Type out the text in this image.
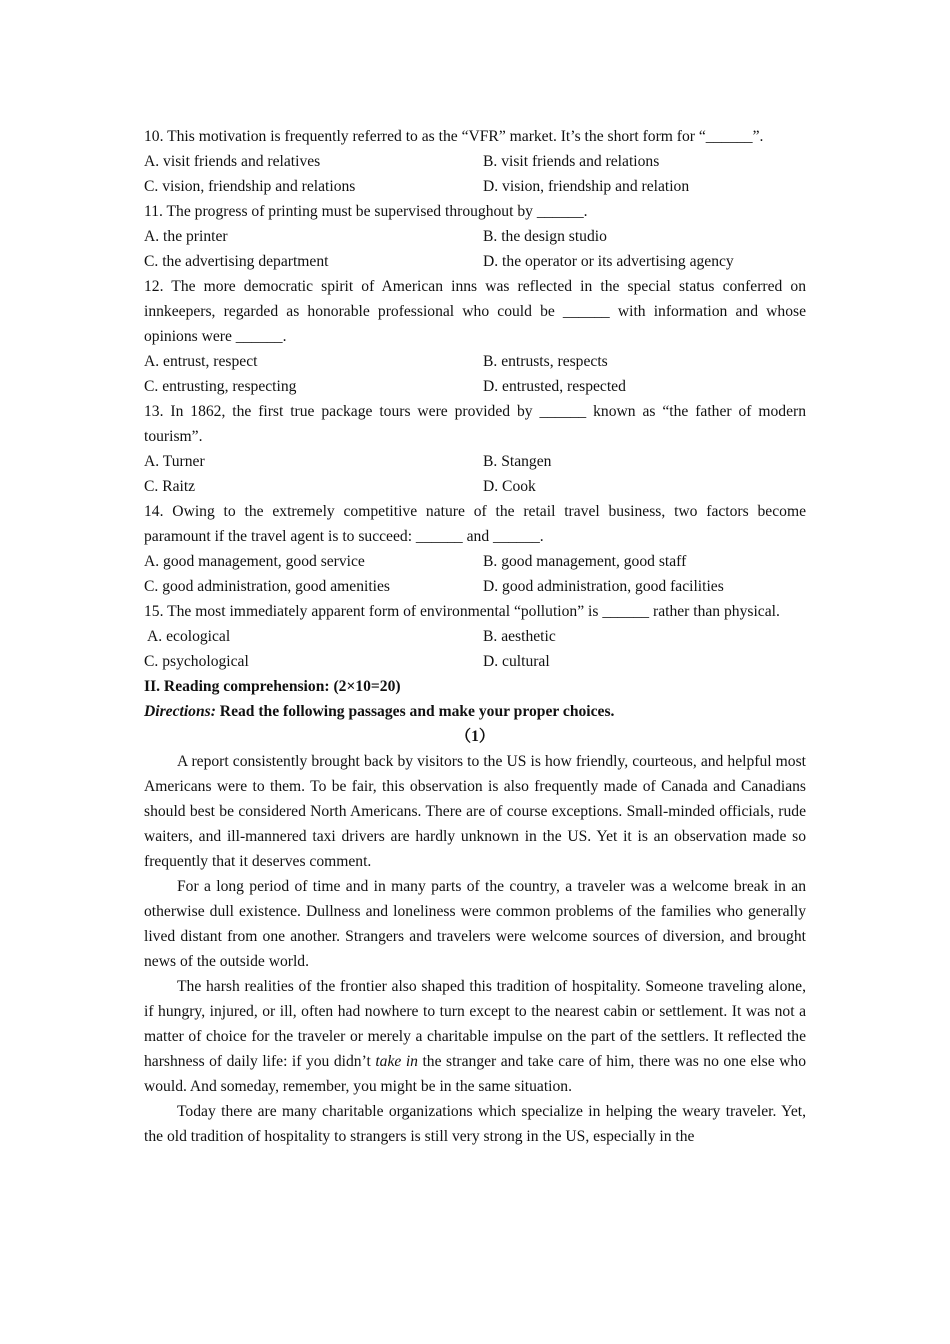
10. This motivation is frequently referred to as the “VFR” market. It’s the short form for “______”.

A. visit friends and relatives	B. visit friends and relations
C. vision, friendship and relations	D. vision, friendship and relation

11. The progress of printing must be supervised throughout by ______.

A. the printer	B. the design studio
C. the advertising department	D. the operator or its advertising agency

12. The more democratic spirit of American inns was reflected in the special status conferred on innkeepers, regarded as honorable professional who could be ______ with information and whose opinions were ______.

A. entrust, respect	B. entrusts, respects
C. entrusting, respecting	D. entrusted, respected

13. In 1862, the first true package tours were provided by ______ known as “the father of modern tourism”.

A. Turner	B. Stangen
C. Raitz	D. Cook

14. Owing to the extremely competitive nature of the retail travel business, two factors become paramount if the travel agent is to succeed: ______ and ______.

A. good management, good service	B. good management, good staff
C. good administration, good amenities	D. good administration, good facilities

15. The most immediately apparent form of environmental “pollution” is ______ rather than physical.

A. ecological	B. aesthetic
C. psychological	D. cultural

II. Reading comprehension: (2×10=20)

Directions: Read the following passages and make your proper choices.

（1）

A report consistently brought back by visitors to the US is how friendly, courteous, and helpful most Americans were to them. To be fair, this observation is also frequently made of Canada and Canadians should best be considered North Americans. There are of course exceptions. Small-minded officials, rude waiters, and ill-mannered taxi drivers are hardly unknown in the US. Yet it is an observation made so frequently that it deserves comment.

For a long period of time and in many parts of the country, a traveler was a welcome break in an otherwise dull existence. Dullness and loneliness were common problems of the families who generally lived distant from one another. Strangers and travelers were welcome sources of diversion, and brought news of the outside world.

The harsh realities of the frontier also shaped this tradition of hospitality. Someone traveling alone, if hungry, injured, or ill, often had nowhere to turn except to the nearest cabin or settlement. It was not a matter of choice for the traveler or merely a charitable impulse on the part of the settlers. It reflected the harshness of daily life: if you didn’t take in the stranger and take care of him, there was no one else who would. And someday, remember, you might be in the same situation.

Today there are many charitable organizations which specialize in helping the weary traveler. Yet, the old tradition of hospitality to strangers is still very strong in the US, especially in the
